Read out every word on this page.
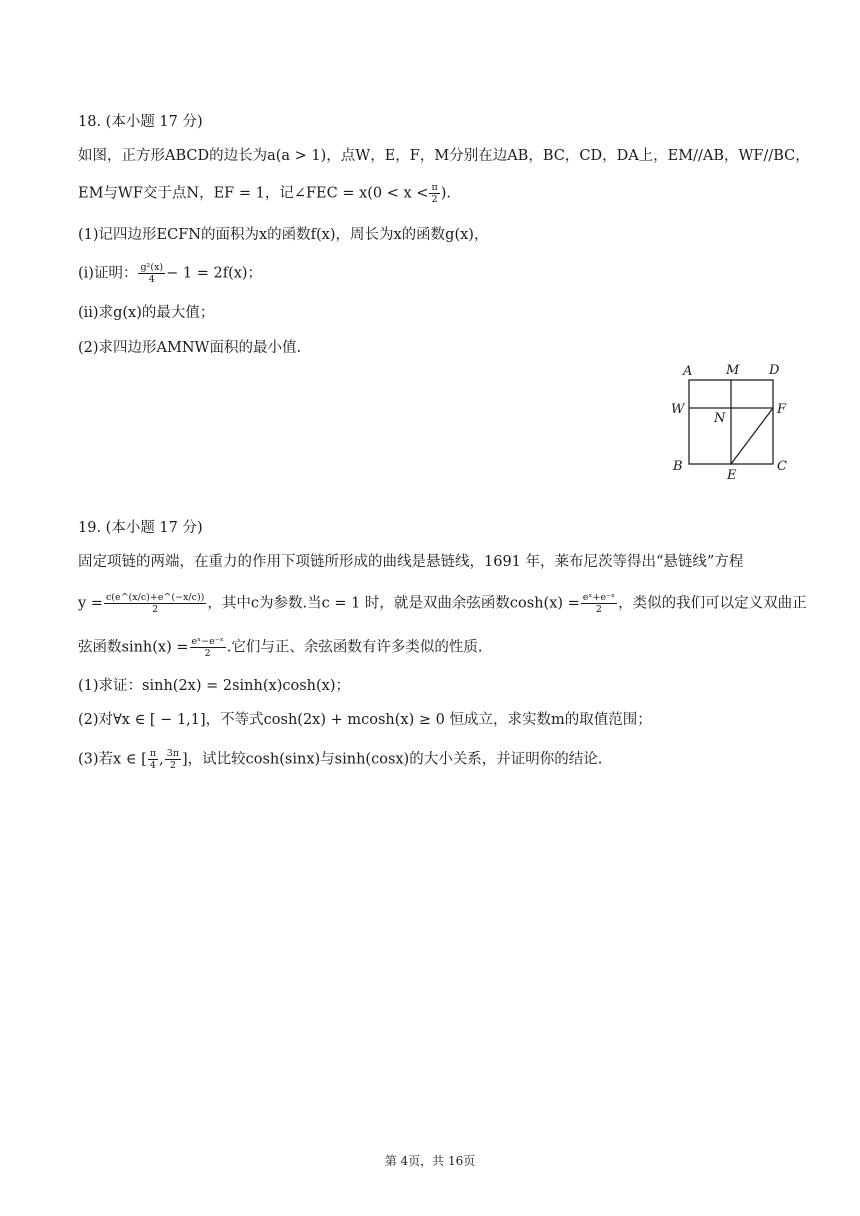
18. (本小题 17 分)
如图，正方形ABCD的边长为a(a > 1)，点W，E，F，M分别在边AB，BC，CD，DA上，EM//AB，WF//BC，
EM与WF交于点N，EF = 1，记∠FEC = $x(0 < x < \frac{\pi}{2}$ ).
(1)记四边形ECFN的面积为x的函数f(x)，周长为x的函数g(x)，
(i)证明： $\frac{\text{g²(x)}}{4} - 1 = 2f(x)$；
(ii)求g(x)的最大值；
(2)求四边形AMNW面积的最小值.
A	M D
W
N
F
B
E
C
19. (本小题 17 分)
固定项链的两端，在重力的作用下项链所形成的曲线是悬链线，1691 年，莱布尼茨等得出“悬链线”方程
$y = \frac{c(e\^{}(x/c)+e\^{}(-x/c))}{2}$ ，其中c为参数.当c = 1 时，就是双曲余弦函数$\cosh(x) = \frac{\text{eˣ+e⁻ˣ}}{2}$ ，类似的我们可以定义双曲正
弦函数$\sinh(x) = \frac{\text{eˣ−e⁻ˣ}}{2}$ .它们与正、余弦函数有许多类似的性质.
(1)求证：sinh(2x) = 2sinh(x)cosh(x)；
(2)对∀x ∈ [ − 1,1]，不等式cosh(2x) + mcosh(x) ≥ 0 恒成立，求实数m的取值范围；
(3)若x ∈ [ $\frac{\pi}{4}$ , $\frac{3\pi}{2}$ ]，试比较cosh(sinx)与sinh(cosx)的大小关系，并证明你的结论.
第 4页，共 16页
